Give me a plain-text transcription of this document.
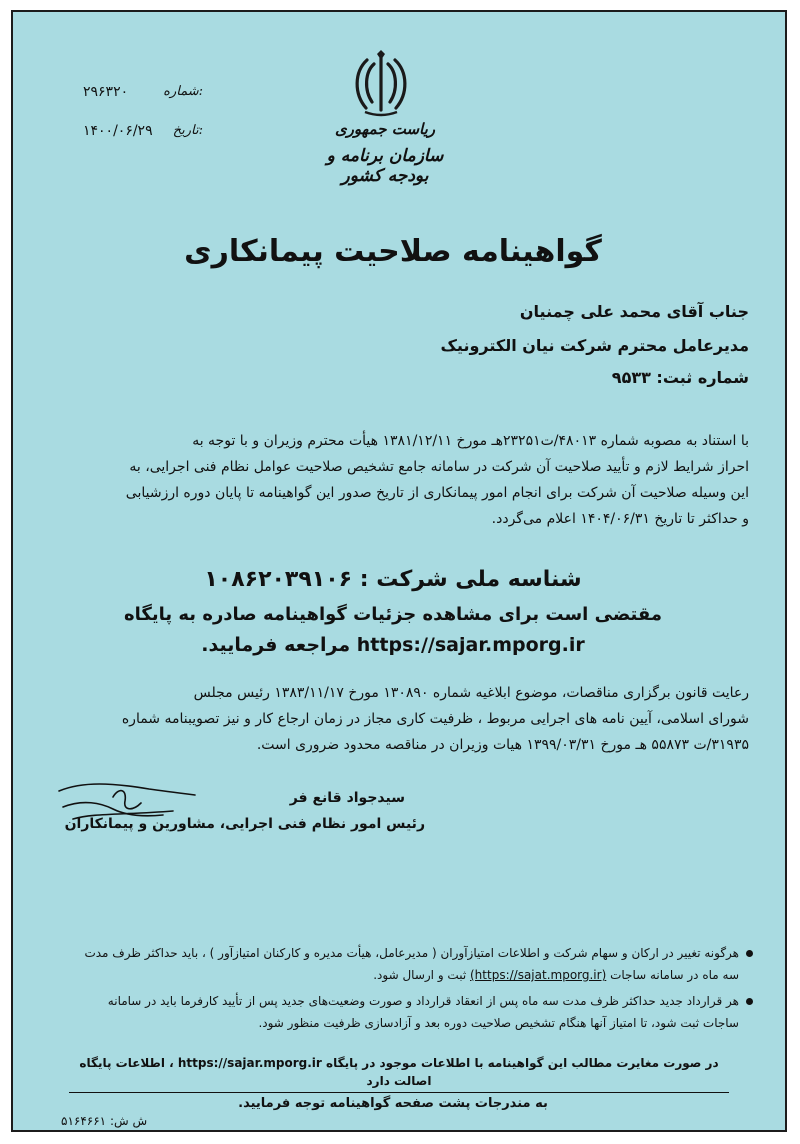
۲۹۶۳۲۰	شماره:
۱۴۰۰/۰۶/۲۹ تاریخ:	ریاست جمهوری
سازمان برنامه و بودجه کشور
گواهینامه صلاحیت پیمانکاری
جناب آقای محمد علی چمنیان
مدیرعامل محترم شرکت نیان الکترونیک
شماره ثبت: ۹۵۳۳

با استناد به مصوبه شماره ۴۸۰۱۳/ت۲۳۲۵۱هـ مورخ ۱۳۸۱/۱۲/۱۱ هیأت محترم وزیران و با توجه به

احراز شرایط لازم و تأیید صلاحیت آن شرکت در سامانه جامع تشخیص صلاحیت عوامل نظام فنی اجرایی، به

این وسیله صلاحیت آن شرکت برای انجام امور پیمانکاری از تاریخ صدور این گواهینامه تا پایان دوره ارزشیابی

و حداکثر تا تاریخ ۱۴۰۴/۰۶/۳۱ اعلام می‌گردد.

شناسه ملی شرکت : ۱۰۸۶۲۰۳۹۱۰۶
مقتضی است برای مشاهده جزئیات گواهینامه صادره به پایگاه
https://sajar.mporg.ir مراجعه فرمایید.

رعایت قانون برگزاری مناقصات، موضوع ابلاغیه شماره ۱۳۰۸۹۰ مورخ ۱۳۸۳/۱۱/۱۷ رئیس مجلس

شورای اسلامی، آیین نامه های اجرایی مربوط ، ظرفیت کاری مجاز در زمان ارجاع کار و نیز تصویبنامه شماره

۳۱۹۳۵/ت ۵۵۸۷۳ هـ مورخ ۱۳۹۹/۰۳/۳۱ هیات وزیران در مناقصه محدود ضروری است.

سیدجواد قانع فر
رئیس امور نظام فنی اجرایی، مشاورین و پیمانکاران
هرگونه تغییر در ارکان و سهام شرکت و اطلاعات امتیازآوران ( مدیرعامل، هیأت مدیره و کارکنان امتیازآور ) ، باید حداکثر ظرف مدت
سه ماه در سامانه ساجات (https://sajat.mporg.ir) ثبت و ارسال شود.
هر قرارداد جدید حداکثر ظرف مدت سه ماه پس از انعقاد قرارداد و صورت وضعیت‌های جدید پس از تأیید کارفرما باید در سامانه
ساجات ثبت شود، تا امتیاز آنها هنگام تشخیص صلاحیت دوره بعد و آزادسازی ظرفیت منظور شود.
در صورت مغایرت مطالب این گواهینامه با اطلاعات موجود در پایگاه https://sajar.mporg.ir ، اطلاعات پایگاه اصالت دارد
به مندرجات پشت صفحه گواهینامه توجه فرمایید.
ش ش: ۵۱۶۴۶۶۱
